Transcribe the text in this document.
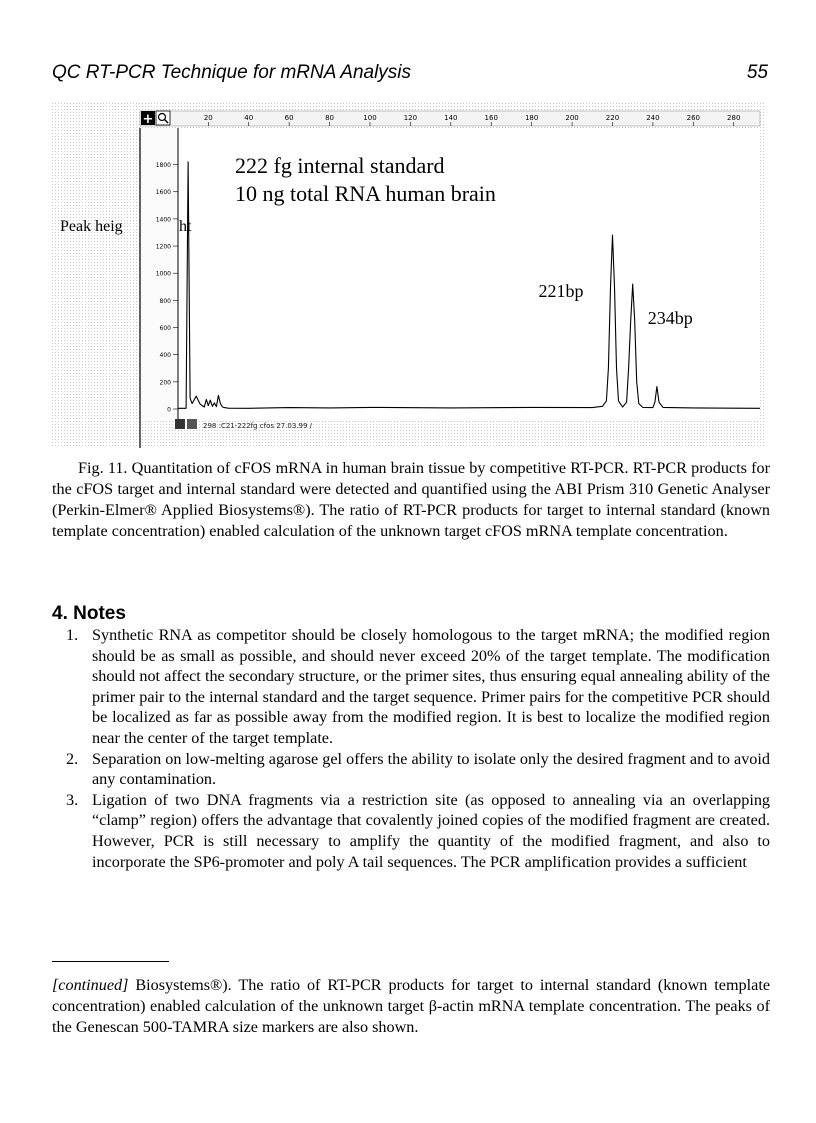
QC RT-PCR Technique for mRNA Analysis	55
+	20	40	60	80	100	120	140	160	180	200	220	240	260	280
0
200
400
600
800
1000
1200
1400
1600
1800	222 fg internal standard
10 ng total RNA human brain
Peak heig	ht
221bp
234bp
298 :C21-222fg cfos 27.03.99 /

Fig. 11. Quantitation of cFOS mRNA in human brain tissue by competitive RT-PCR. RT-PCR products for the cFOS target and internal standard were detected and quantified using the ABI Prism 310 Genetic Analyser (Perkin-Elmer® Applied Biosystems®). The ratio of RT-PCR products for target to internal standard (known template concentration) enabled calculation of the unknown target cFOS mRNA template concentration.

4. Notes
1. Synthetic RNA as competitor should be closely homologous to the target mRNA; the modified region should be as small as possible, and should never exceed 20% of the target template. The modification should not affect the secondary structure, or the primer sites, thus ensuring equal annealing ability of the primer pair to the internal standard and the target sequence. Primer pairs for the competitive PCR should be localized as far as possible away from the modified region. It is best to localize the modified region near the center of the target template.
2. Separation on low-melting agarose gel offers the ability to isolate only the desired fragment and to avoid any contamination.
3. Ligation of two DNA fragments via a restriction site (as opposed to annealing via an overlapping “clamp” region) offers the advantage that covalently joined copies of the modified fragment are created. However, PCR is still necessary to amplify the quantity of the modified fragment, and also to incorporate the SP6-promoter and poly A tail sequences. The PCR amplification provides a sufficient

[continued] Biosystems®). The ratio of RT-PCR products for target to internal standard (known template concentration) enabled calculation of the unknown target β-actin mRNA template concentration. The peaks of the Genescan 500-TAMRA size markers are also shown.
